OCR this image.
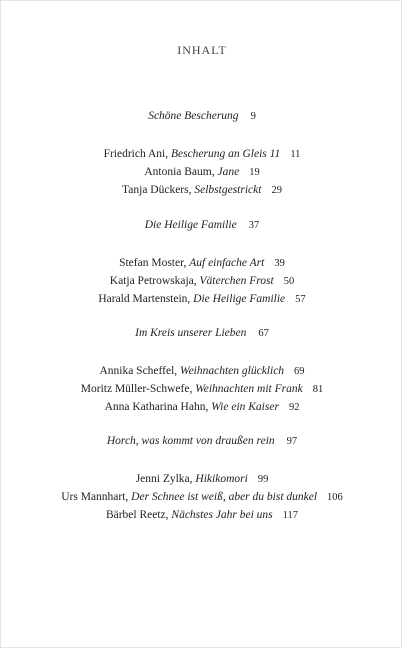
INHALT
Schöne Bescherung 9
Friedrich Ani, Bescherung an Gleis 11 11
Antonia Baum, Jane 19
Tanja Dückers, Selbstgestrickt 29
Die Heilige Familie 37
Stefan Moster, Auf einfache Art 39
Katja Petrowskaja, Väterchen Frost 50
Harald Martenstein, Die Heilige Familie 57
Im Kreis unserer Lieben 67
Annika Scheffel, Weihnachten glücklich 69
Moritz Müller-Schwefe, Weihnachten mit Frank 81
Anna Katharina Hahn, Wie ein Kaiser 92
Horch, was kommt von draußen rein 97
Jenni Zylka, Hikikomori 99
Urs Mannhart, Der Schnee ist weiß, aber du bist dunkel 106
Bärbel Reetz, Nächstes Jahr bei uns 117
